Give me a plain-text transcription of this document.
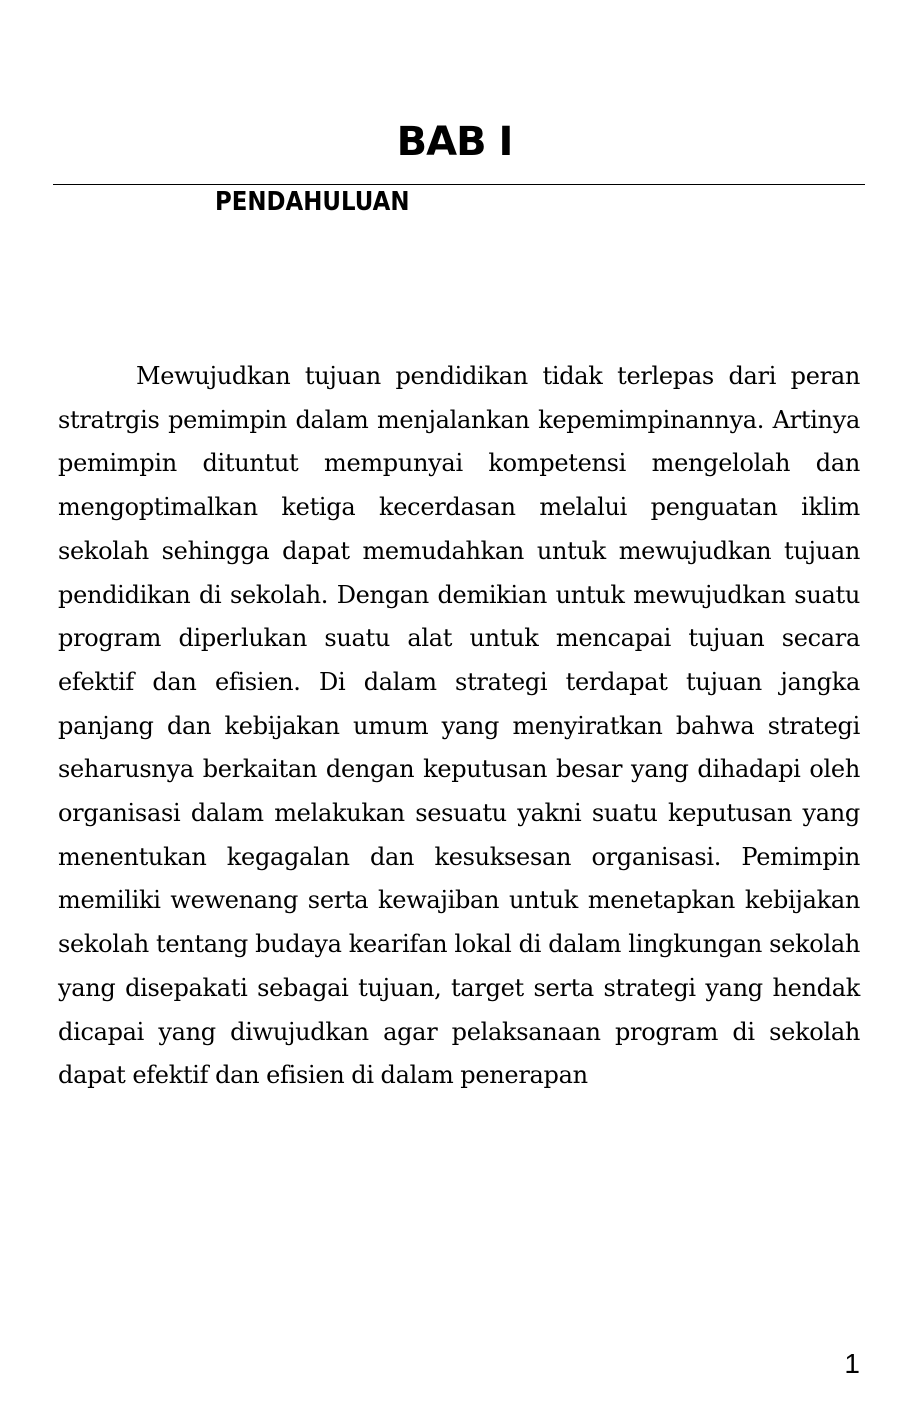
BAB I
PENDAHULUAN

Mewujudkan tujuan pendidikan tidak terlepas dari peran stratrgis pemimpin dalam menjalankan kepemimpinannya. Artinya pemimpin dituntut mempunyai kompetensi mengelolah dan mengoptimalkan ketiga kecerdasan melalui penguatan iklim sekolah sehingga dapat memudahkan untuk mewujudkan tujuan pendidikan di sekolah. Dengan demikian untuk mewujudkan suatu program diperlukan suatu alat untuk mencapai tujuan secara efektif dan efisien. Di dalam strategi terdapat tujuan jangka panjang dan kebijakan umum yang menyiratkan bahwa strategi seharusnya berkaitan dengan keputusan besar yang dihadapi oleh organisasi dalam melakukan sesuatu yakni suatu keputusan yang menentukan kegagalan dan kesuksesan organisasi. Pemimpin memiliki wewenang serta kewajiban untuk menetapkan kebijakan sekolah tentang budaya kearifan lokal di dalam lingkungan sekolah yang disepakati sebagai tujuan, target serta strategi yang hendak dicapai yang diwujudkan agar pelaksanaan program di sekolah dapat efektif dan efisien di dalam penerapan

1
